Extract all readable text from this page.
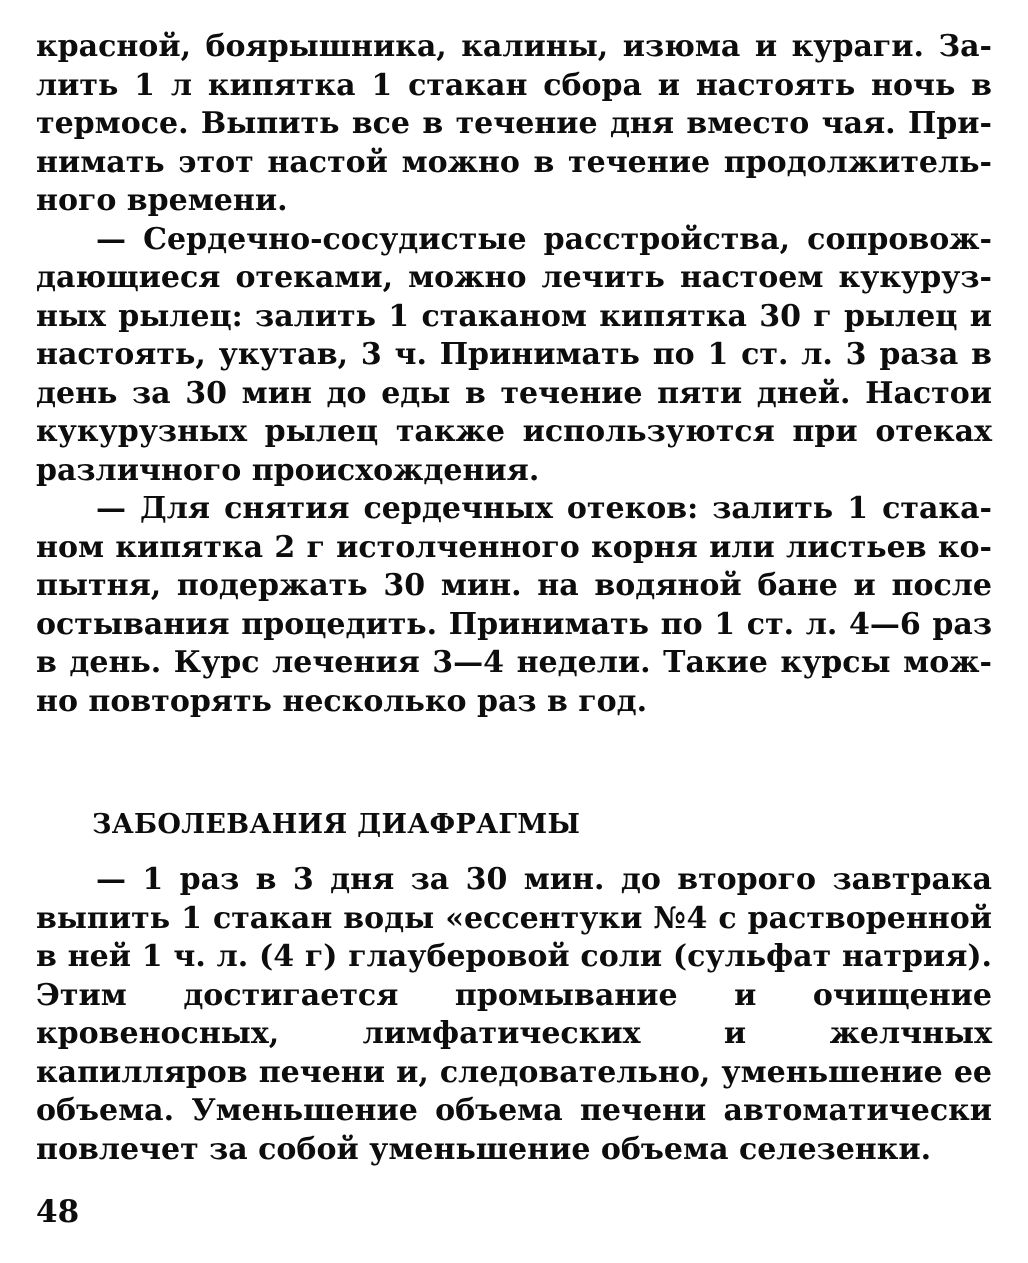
красной, боярышника, калины, изюма и кураги. Залить 1 л кипятка 1 стакан сбора и настоять ночь в термосе. Выпить все в течение дня вместо чая. Принимать этот настой можно в течение продолжительного времени.

— Сердечно-сосудистые расстройства, сопровождающиеся отеками, можно лечить настоем кукурузных рылец: залить 1 стаканом кипятка 30 г рылец и настоять, укутав, 3 ч. Принимать по 1 ст. л. 3 раза в день за 30 мин до еды в течение пяти дней. Настои кукурузных рылец также используются при отеках различного происхождения.

— Для снятия сердечных отеков: залить 1 стаканом кипятка 2 г истолченного корня или листьев копытня, подержать 30 мин. на водяной бане и после остывания процедить. Принимать по 1 ст. л. 4—6 раз в день. Курс лечения 3—4 недели. Такие курсы можно повторять несколько раз в год.

ЗАБОЛЕВАНИЯ ДИАФРАГМЫ

— 1 раз в 3 дня за 30 мин. до второго завтрака выпить 1 стакан воды «ессентуки №4 с растворенной в ней 1 ч. л. (4 г) глауберовой соли (сульфат натрия). Этим достигается промывание и очищение кровеносных, лимфатических и желчных капилляров печени и, следовательно, уменьшение ее объема. Уменьшение объема печени автоматически повлечет за собой уменьшение объема селезенки.

48
